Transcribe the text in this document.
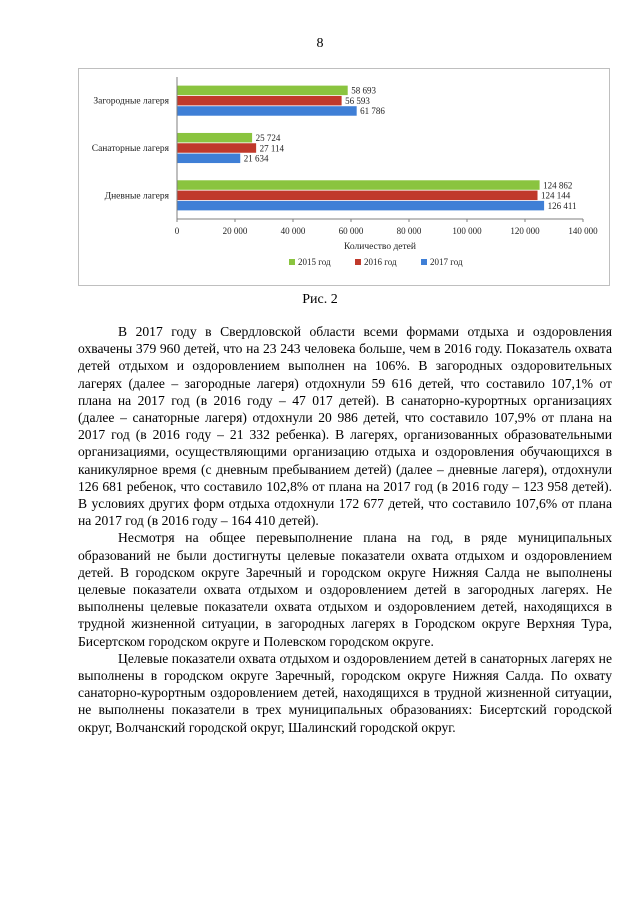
8
0	20 000	40 000	60 000	80 000	100 000	120 000	140 000
Количество детей
58 693
56 593
61 786
Загородные лагеря
25 724
27 114
21 634
Санаторные лагеря
124 862
124 144
126 411
Дневные лагеря
2015 год	2016 год	2017 год
Рис. 2

В 2017 году в Свердловской области всеми формами отдыха и оздоровления охвачены 379 960 детей, что на 23 243 человека больше, чем в 2016 году. Показатель охвата детей отдыхом и оздоровлением выполнен на 106%. В загородных оздоровительных лагерях (далее – загородные лагеря) отдохнули 59 616 детей, что составило 107,1% от плана на 2017 год (в 2016 году – 47 017 детей). В санаторно-курортных организациях (далее – санаторные лагеря) отдохнули 20 986 детей, что составило 107,9% от плана на 2017 год (в 2016 году – 21 332 ребенка). В лагерях, организованных образовательными организациями, осуществляющими организацию отдыха и оздоровления обучающихся в каникулярное время (с дневным пребыванием детей) (далее – дневные лагеря), отдохнули 126 681 ребенок, что составило 102,8% от плана на 2017 год (в 2016 году – 123 958 детей). В условиях других форм отдыха отдохнули 172 677 детей, что составило 107,6% от плана на 2017 год (в 2016 году – 164 410 детей).

Несмотря на общее перевыполнение плана на год, в ряде муниципальных образований не были достигнуты целевые показатели охвата отдыхом и оздоровлением детей. В городском округе Заречный и городском округе Нижняя Салда не выполнены целевые показатели охвата отдыхом и оздоровлением детей в загородных лагерях. Не выполнены целевые показатели охвата отдыхом и оздоровлением детей, находящихся в трудной жизненной ситуации, в загородных лагерях в Городском округе Верхняя Тура, Бисертском городском округе и Полевском городском округе.

Целевые показатели охвата отдыхом и оздоровлением детей в санаторных лагерях не выполнены в городском округе Заречный, городском округе Нижняя Салда. По охвату санаторно-курортным оздоровлением детей, находящихся в трудной жизненной ситуации, не выполнены показатели в трех муниципальных образованиях: Бисертский городской округ, Волчанский городской округ, Шалинский городской округ.
